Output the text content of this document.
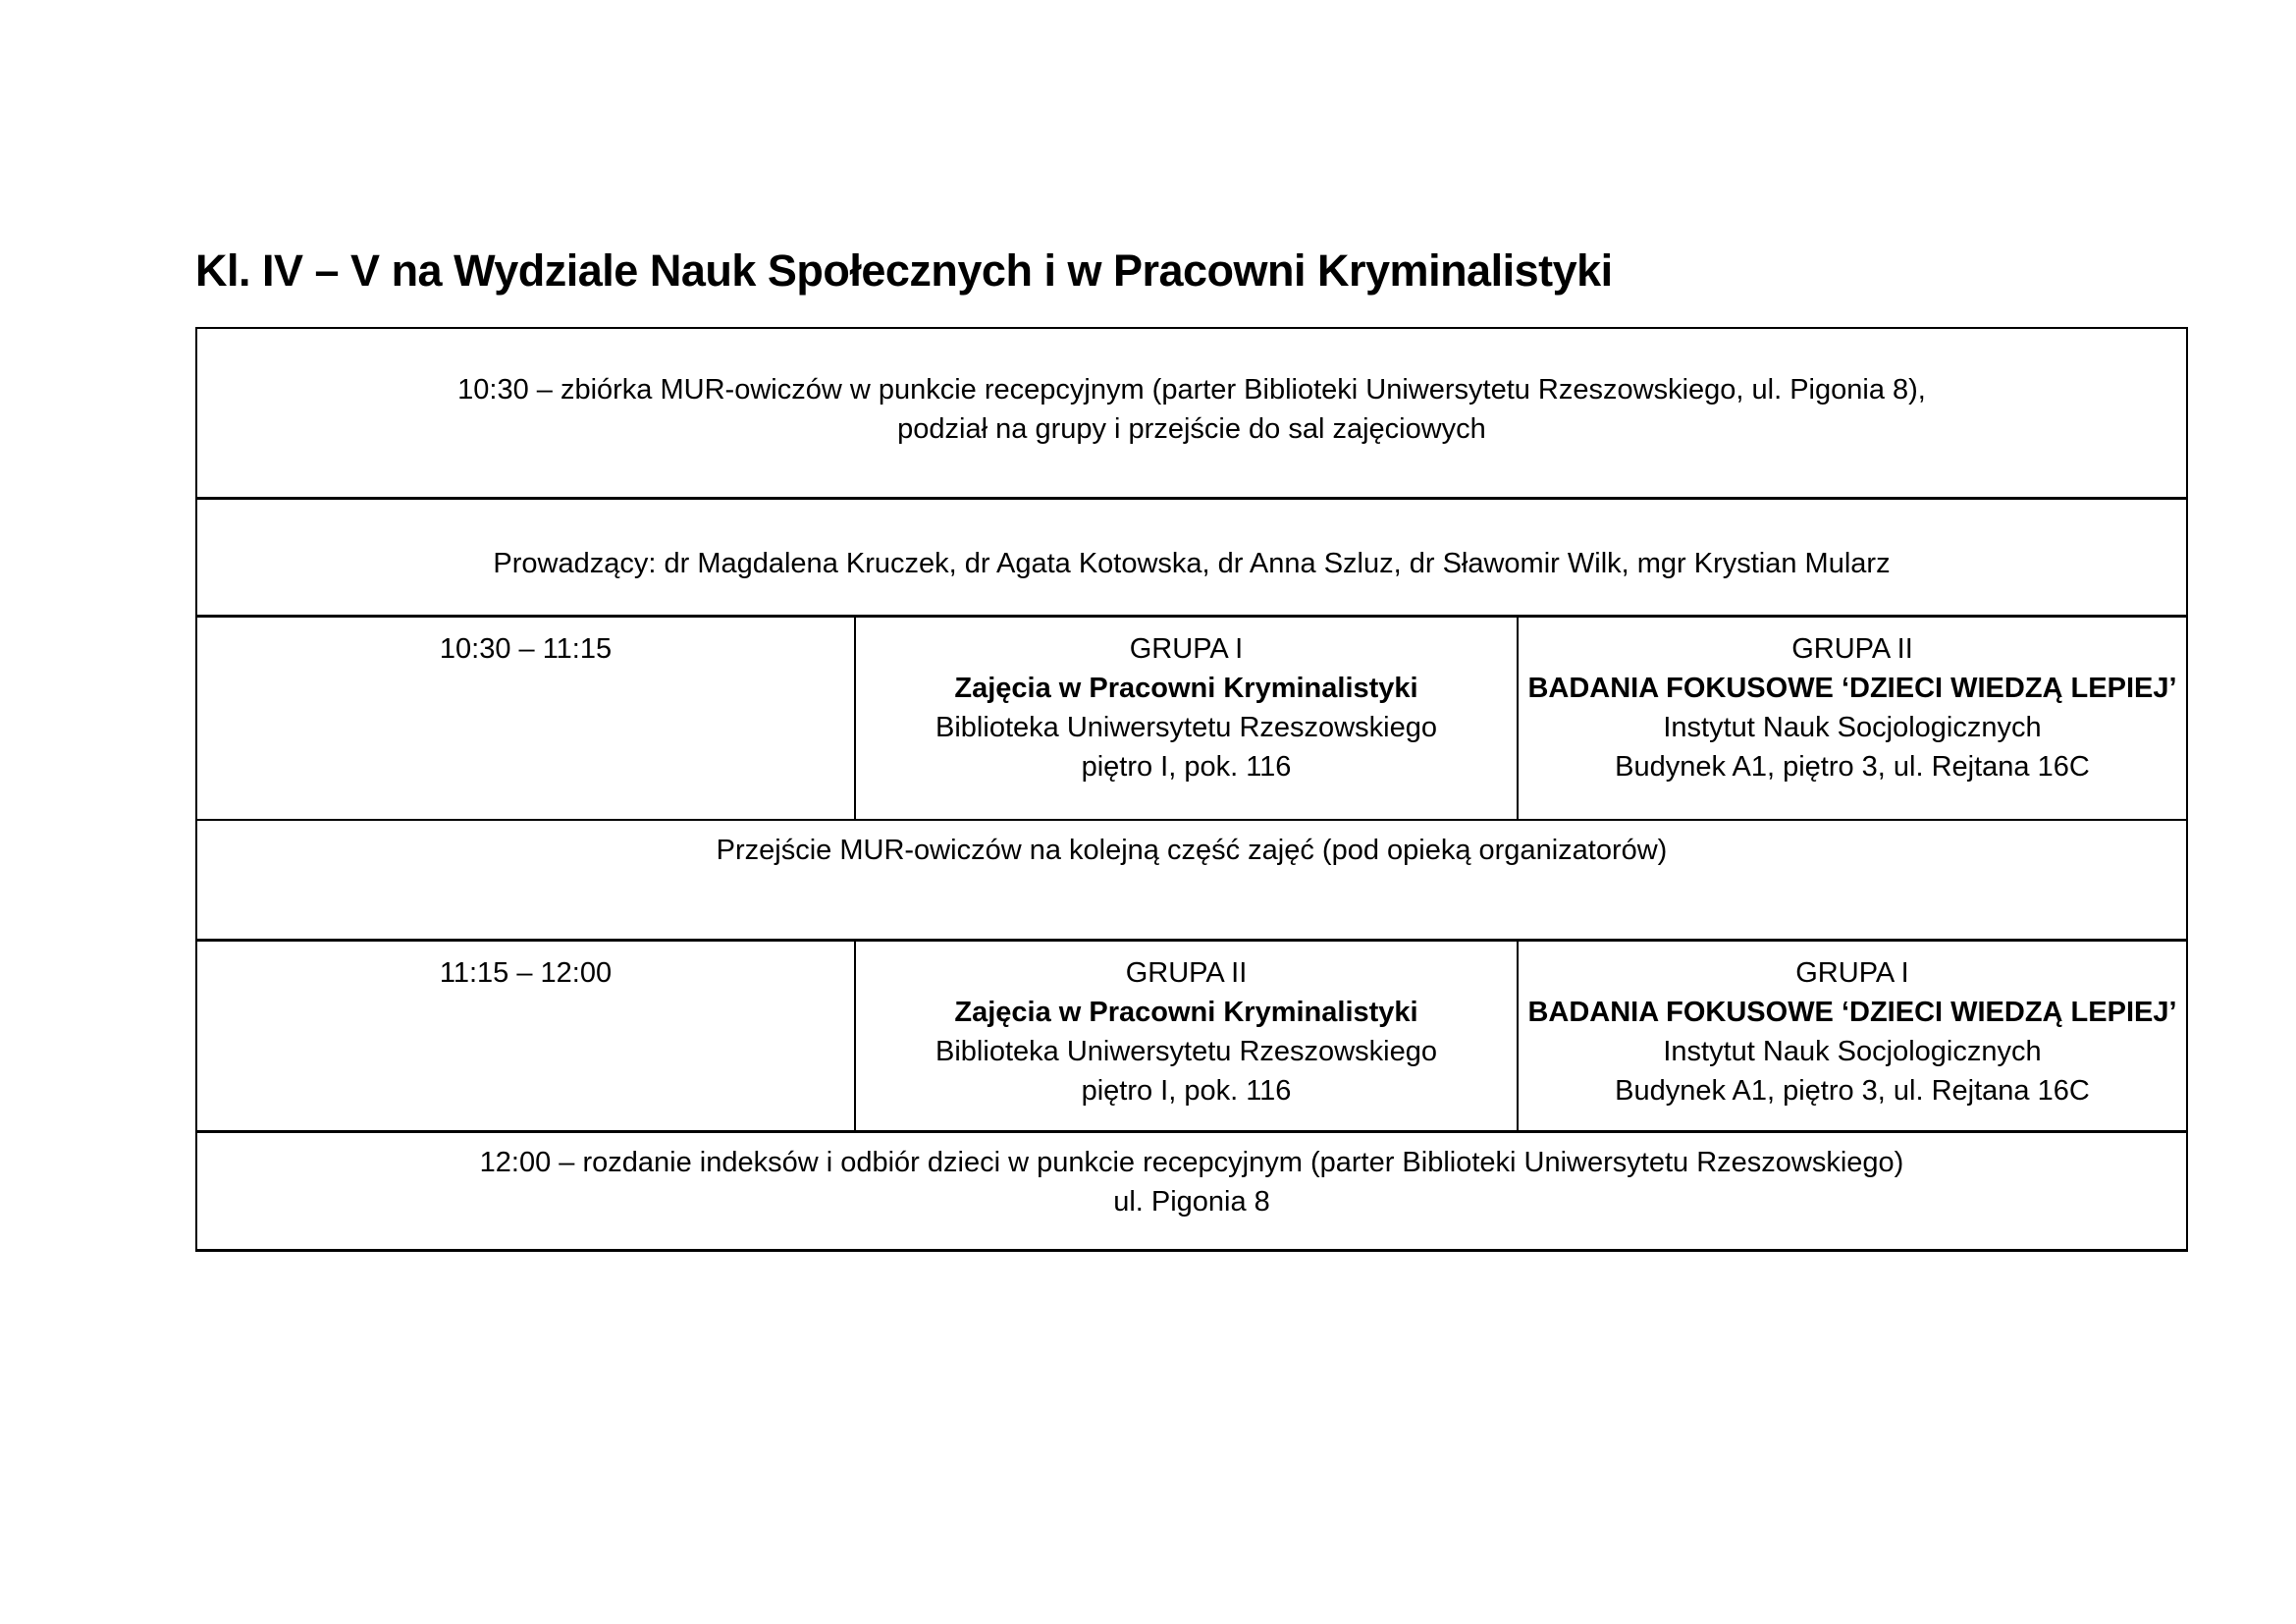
Kl. IV – V na Wydziale Nauk Społecznych i w Pracowni Kryminalistyki
10:30 – zbiórka MUR-owiczów w punkcie recepcyjnym (parter Biblioteki Uniwersytetu Rzeszowskiego, ul. Pigonia 8),
podział na grupy i przejście do sal zajęciowych
Prowadzący: dr Magdalena Kruczek, dr Agata Kotowska, dr Anna Szluz, dr Sławomir Wilk, mgr Krystian Mularz
10:30 – 11:15	GRUPA I
Zajęcia w Pracowni Kryminalistyki
Biblioteka Uniwersytetu Rzeszowskiego
piętro I, pok. 116
GRUPA II
BADANIA FOKUSOWE ‘DZIECI WIEDZĄ LEPIEJ’
Instytut Nauk Socjologicznych
Budynek A1, piętro 3, ul. Rejtana 16C
Przejście MUR-owiczów na kolejną część zajęć (pod opieką organizatorów)
11:15 – 12:00	GRUPA II
Zajęcia w Pracowni Kryminalistyki
Biblioteka Uniwersytetu Rzeszowskiego
piętro I, pok. 116
GRUPA I
BADANIA FOKUSOWE ‘DZIECI WIEDZĄ LEPIEJ’
Instytut Nauk Socjologicznych
Budynek A1, piętro 3, ul. Rejtana 16C
12:00 – rozdanie indeksów i odbiór dzieci w punkcie recepcyjnym (parter Biblioteki Uniwersytetu Rzeszowskiego)
ul. Pigonia 8
